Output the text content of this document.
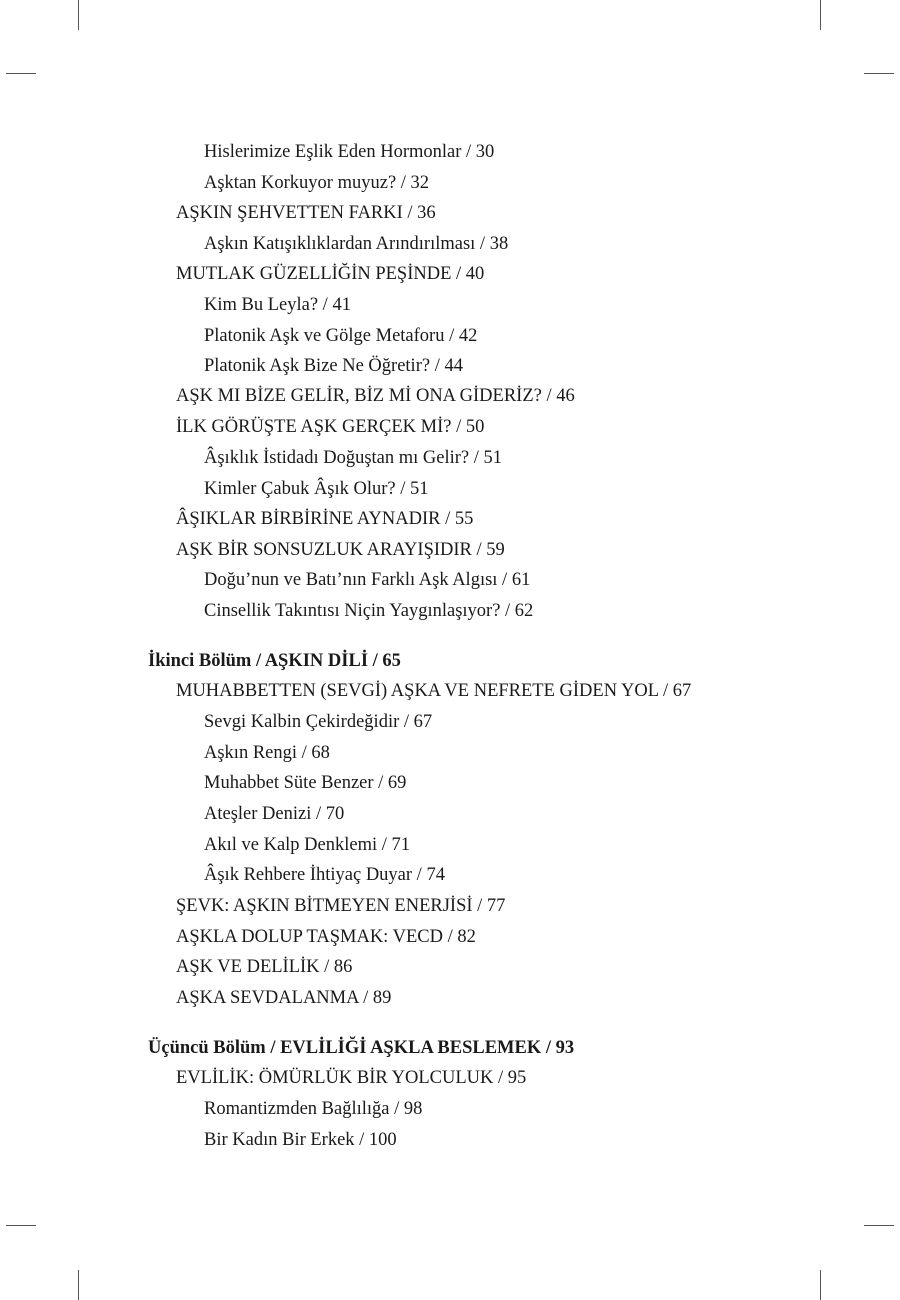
Hislerimize Eşlik Eden Hormonlar / 30
Aşktan Korkuyor muyuz? / 32
AŞKIN ŞEHVETTEN FARKI / 36
Aşkın Katışıklıklardan Arındırılması / 38
MUTLAK GÜZELLİĞİN PEŞİNDE / 40
Kim Bu Leyla? / 41
Platonik Aşk ve Gölge Metaforu / 42
Platonik Aşk Bize Ne Öğretir? / 44
AŞK MI BİZE GELİR, BİZ Mİ ONA GİDERİZ? / 46
İLK GÖRÜŞTE AŞK GERÇEK Mİ? / 50
Âşıklık İstidadı Doğuştan mı Gelir? / 51
Kimler Çabuk Âşık Olur? / 51
ÂŞIKLAR BİRBİRİNE AYNADIR / 55
AŞK BİR SONSUZLUK ARAYIŞIDIR / 59
Doğu’nun ve Batı’nın Farklı Aşk Algısı / 61
Cinsellik Takıntısı Niçin Yaygınlaşıyor? / 62
İkinci Bölüm / AŞKIN DİLİ / 65
MUHABBETTEN (SEVGİ) AŞKA VE NEFRETE GİDEN YOL / 67
Sevgi Kalbin Çekirdeğidir / 67
Aşkın Rengi / 68
Muhabbet Süte Benzer / 69
Ateşler Denizi / 70
Akıl ve Kalp Denklemi / 71
Âşık Rehbere İhtiyaç Duyar / 74
ŞEVK: AŞKIN BİTMEYEN ENERJİSİ / 77
AŞKLA DOLUP TAŞMAK: VECD / 82
AŞK VE DELİLİK / 86
AŞKA SEVDALANMA / 89
Üçüncü Bölüm / EVLİLİĞİ AŞKLA BESLEMEK / 93
EVLİLİK: ÖMÜRLÜK BİR YOLCULUK / 95
Romantizmden Bağlılığa / 98
Bir Kadın Bir Erkek / 100
